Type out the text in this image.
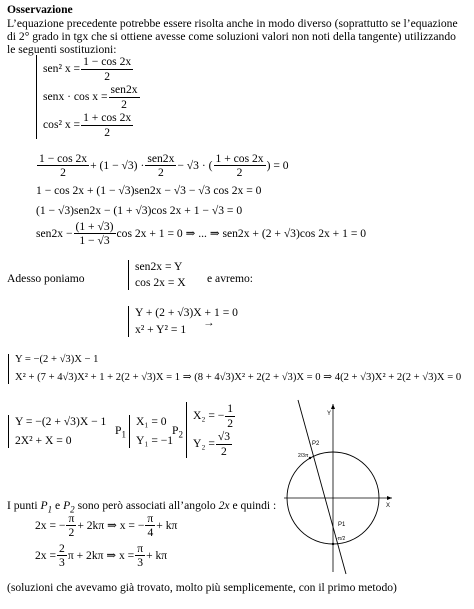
Osservazione
L’equazione precedente potrebbe essere risolta anche in modo diverso (soprattutto se l’equazione
di 2° grado in tgx che si ottiene avesse come soluzioni valori non noti della tangente) utilizzando
le seguenti sostituzioni:
sen² $x = \frac{1 - \cos 2x}{2}$
senx · $\cos x = \frac{\text{sen2x}}{2}$
cos² $x = \frac{1 + \cos 2x}{2}$
$\frac{1 - \cos 2x}{2} + (1 - √3) \cdot \frac{\text{sen2x}}{2} - √3$ · ( $\frac{1 + \cos 2x}{2}$ ) = 0
1 − cos 2x + (1 − √3)sen2x − √3 − √3 cos 2x = 0
(1 − √3)sen2x − (1 + √3)cos 2x + 1 − √3 = 0
$sen2x - \frac{(1 + √3)}{1 - √3}$ cos 2x + 1 = 0 ⇒ ... ⇒ sen2x + (2 + √3)cos 2x + 1 = 0
Adesso poniamo
sen2x = Y
cos 2x = X e avremo:
Y + (2 + √3)X + 1 = 0
x² + Y² = 1
→
Y = −(2 + √3)X − 1
X² + (7 + 4√3)X² + 1 + 2(2 + √3)X = 1 ⇒ (8 + 4√3)X² + 2(2 + √3)X = 0 ⇒ 4(2 + √3)X² + 2(2 + √3)X = 0
Y = −(2 + √3)X − 1
2X² + X = 0
$P_1$
X₁ = 0
Y₁ = −1
$P_2$
X₂ = − $\frac{1}{2}$
$Y_2 = \frac{√3}{2}$
Y
X
P2
P1
2/3π
-π/2
I punti $P_1$ e $P_2$ sono però associati all’angolo 2x e quindi :
2x = − $\frac{\pi}{2} + 2k\pi$ ⇒ x = − $\frac{\pi}{4} + k\pi$
$2x = \frac{2}{3}$ π + 2kπ ⇒ $x = \frac{\pi}{3} + k\pi$
(soluzioni che avevamo già trovato, molto più semplicemente, con il primo metodo)
